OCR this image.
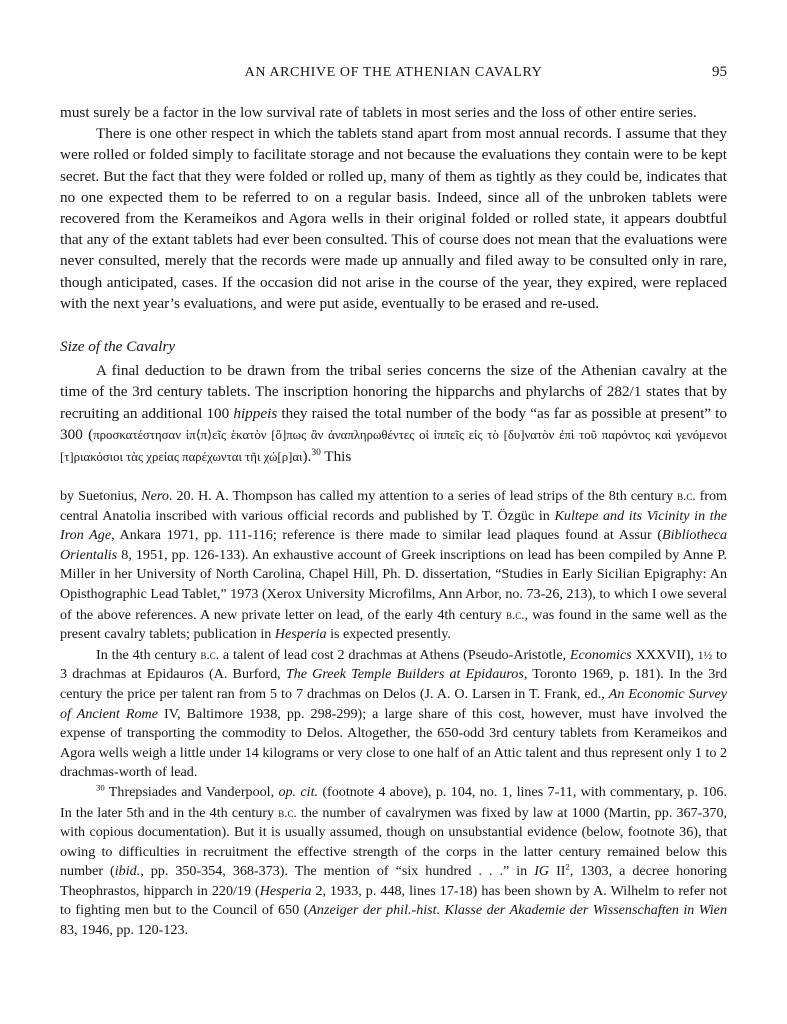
AN ARCHIVE OF THE ATHENIAN CAVALRY	95

must surely be a factor in the low survival rate of tablets in most series and the loss of other entire series.

There is one other respect in which the tablets stand apart from most annual records. I assume that they were rolled or folded simply to facilitate storage and not because the evaluations they contain were to be kept secret. But the fact that they were folded or rolled up, many of them as tightly as they could be, indicates that no one expected them to be referred to on a regular basis. Indeed, since all of the unbroken tablets were recovered from the Kerameikos and Agora wells in their original folded or rolled state, it appears doubtful that any of the extant tablets had ever been consulted. This of course does not mean that the evaluations were never consulted, merely that the records were made up annually and filed away to be consulted only in rare, though anticipated, cases. If the occasion did not arise in the course of the year, they expired, were replaced with the next year’s evaluations, and were put aside, eventually to be erased and re-used.

Size of the Cavalry

A final deduction to be drawn from the tribal series concerns the size of the Athenian cavalry at the time of the 3rd century tablets. The inscription honoring the hipparchs and phylarchs of 282/1 states that by recruiting an additional 100 hippeis they raised the total number of the body “as far as possible at present” to 300 (προσκατέστησαν ἱπ⟨π⟩εῖς ἑκατὸν [ὅ]πως ἂν ἀναπληρωθέντες οἱ ἱππεῖς εἰς τὸ [δυ]νατὸν ἐπὶ τοῦ παρόντος καὶ γενόμενοι [τ]ριακόσιοι τὰς χρείας παρέχωνται τῆι χώ[ρ]αι).$^{30}$ This

by Suetonius, Nero. 20. H. A. Thompson has called my attention to a series of lead strips of the 8th century b.c. from central Anatolia inscribed with various official records and published by T. Özgüc in Kultepe and its Vicinity in the Iron Age, Ankara 1971, pp. 111-116; reference is there made to similar lead plaques found at Assur (Bibliotheca Orientalis 8, 1951, pp. 126-133). An exhaustive account of Greek inscriptions on lead has been compiled by Anne P. Miller in her University of North Carolina, Chapel Hill, Ph. D. dissertation, “Studies in Early Sicilian Epigraphy: An Opisthographic Lead Tablet,” 1973 (Xerox University Microfilms, Ann Arbor, no. 73-26, 213), to which I owe several of the above references. A new private letter on lead, of the early 4th century b.c., was found in the same well as the present cavalry tablets; publication in Hesperia is expected presently.

In the 4th century b.c. a talent of lead cost 2 drachmas at Athens (Pseudo-Aristotle, Economics XXXVII), 1½ to 3 drachmas at Epidauros (A. Burford, The Greek Temple Builders at Epidauros, Toronto 1969, p. 181). In the 3rd century the price per talent ran from 5 to 7 drachmas on Delos (J. A. O. Larsen in T. Frank, ed., An Economic Survey of Ancient Rome IV, Baltimore 1938, pp. 298-299); a large share of this cost, however, must have involved the expense of transporting the commodity to Delos. Altogether, the 650-odd 3rd century tablets from Kerameikos and Agora wells weigh a little under 14 kilograms or very close to one half of an Attic talent and thus represent only 1 to 2 drachmas-worth of lead.

$^{30}$ Threpsiades and Vanderpool, op. cit. (footnote 4 above), p. 104, no. 1, lines 7-11, with commentary, p. 106. In the later 5th and in the 4th century b.c. the number of cavalrymen was fixed by law at 1000 (Martin, pp. 367-370, with copious documentation). But it is usually assumed, though on unsubstantial evidence (below, footnote 36), that owing to difficulties in recruitment the effective strength of the corps in the latter century remained below this number (ibid., pp. 350-354, 368-373). The mention of “six hundred . . .” in IG $II^2$, 1303, a decree honoring Theophrastos, hipparch in 220/19 (Hesperia 2, 1933, p. 448, lines 17-18) has been shown by A. Wilhelm to refer not to fighting men but to the Council of 650 (Anzeiger der phil.-hist. Klasse der Akademie der Wissenschaften in Wien 83, 1946, pp. 120-123.
